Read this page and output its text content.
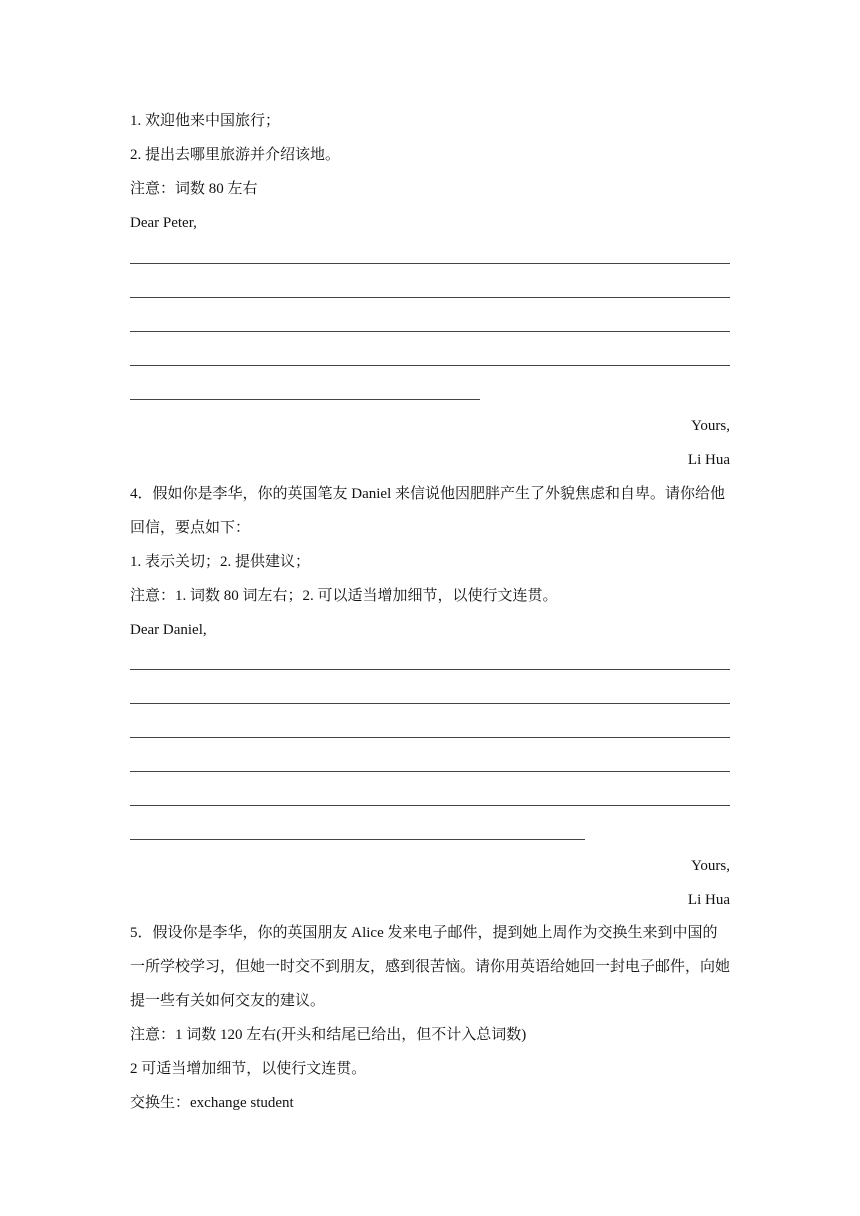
1. 欢迎他来中国旅行；
2. 提出去哪里旅游并介绍该地。
注意：词数 80 左右
Dear Peter,
Yours,
Li Hua
4．假如你是李华，你的英国笔友 Daniel 来信说他因肥胖产生了外貌焦虑和自卑。请你给他
回信，要点如下：
1. 表示关切；2. 提供建议；
注意：1. 词数 80 词左右；2. 可以适当增加细节，以使行文连贯。
Dear Daniel,
Yours,
Li Hua
5．假设你是李华，你的英国朋友 Alice 发来电子邮件，提到她上周作为交换生来到中国的
一所学校学习，但她一时交不到朋友，感到很苦恼。请你用英语给她回一封电子邮件，向她
提一些有关如何交友的建议。
注意：1 词数 120 左右(开头和结尾已给出，但不计入总词数)
2 可适当增加细节，以使行文连贯。
交换生：exchange student
